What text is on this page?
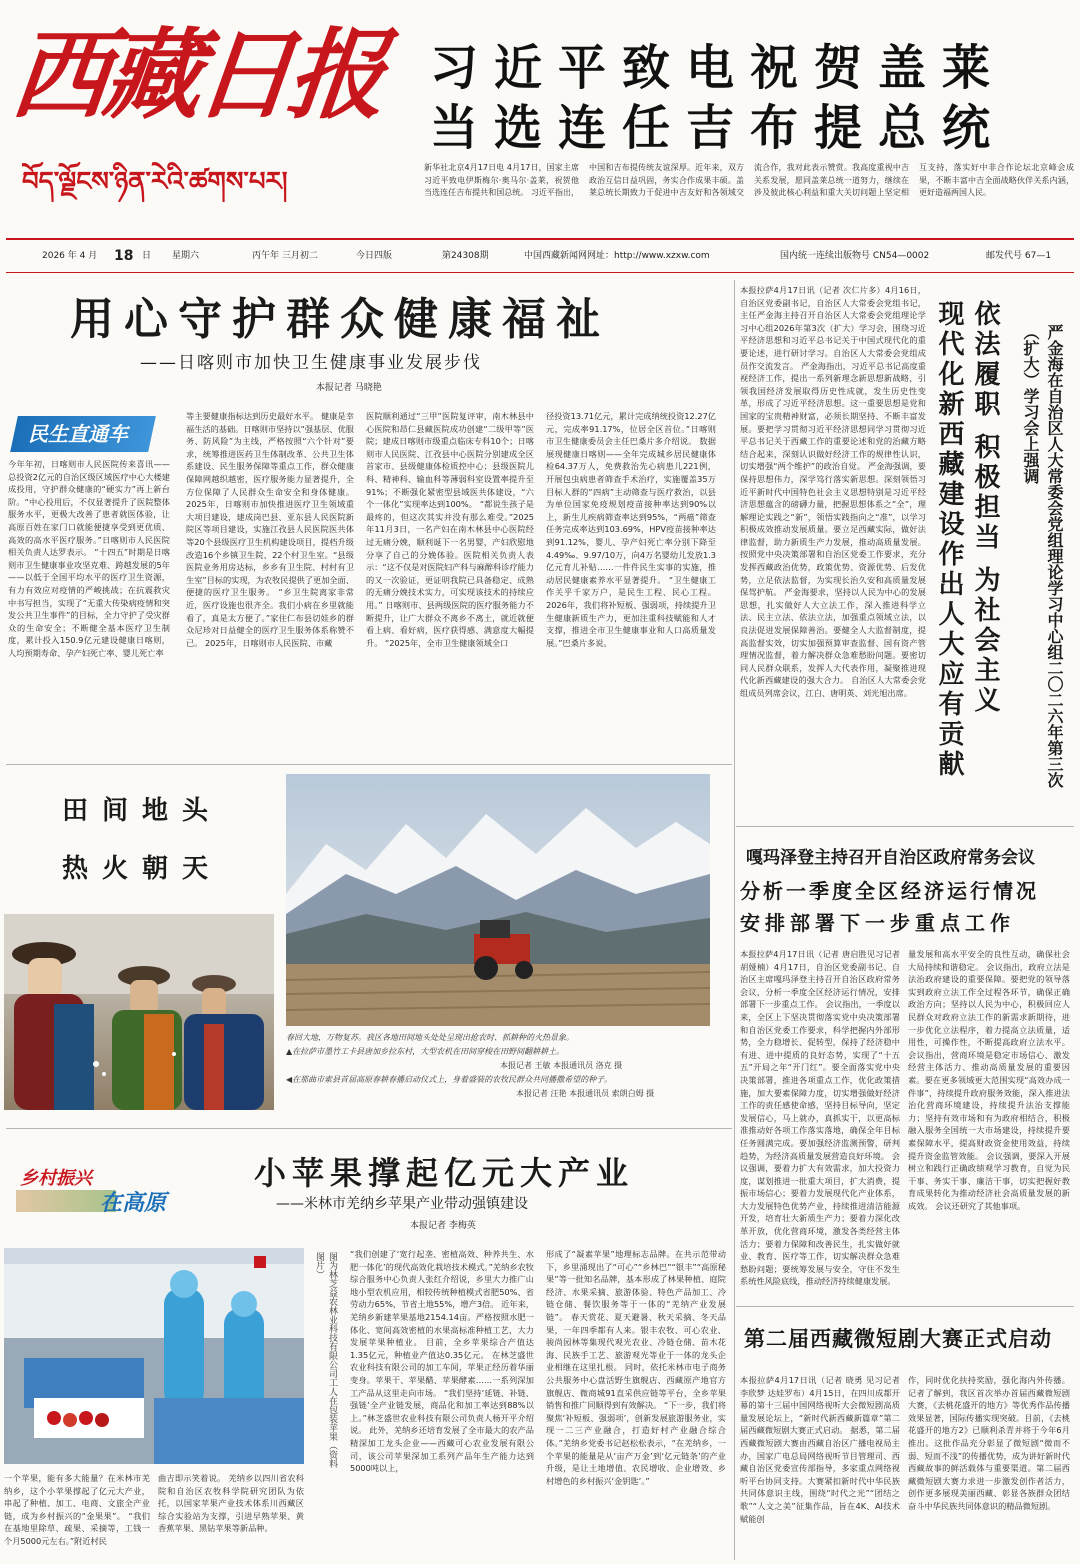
西藏日报
བོད་ལྗོངས་ཉིན་རེའི་ཚགས་པར།
习近平致电祝贺盖莱
当选连任吉布提总统
新华社北京4月17日电 4月17日，国家主席习近平致电伊斯梅尔·奥马尔·盖莱，祝贺他当选连任吉布提共和国总统。 习近平指出，中国和吉布提传统友谊深厚。近年来，双方政治互信日益巩固，务实合作成果丰硕。盖莱总统长期致力于促进中吉友好和各领域交流合作，我对此表示赞赏。我高度重视中吉关系发展，愿同盖莱总统一道努力，继续在涉及彼此核心利益和重大关切问题上坚定相互支持，落实好中非合作论坛北京峰会成果，不断丰富中吉全面战略伙伴关系内涵，更好造福两国人民。
2026 年 4 月 18 日 星期六	丙午年 三月初二	今日四版	第24308期	中国西藏新闻网网址：http://www.xzxw.com	国内统一连续出版物号 CN54—0002	邮发代号 67—1
用心守护群众健康福祉
——日喀则市加快卫生健康事业发展步伐
本报记者 马晓艳
民生直通车
今年年初，日喀则市人民医院传来喜讯——总投资2亿元的自治区级区域医疗中心大楼建成投用，守护群众健康的“硬实力”再上新台阶。“中心投用后，不仅显著提升了医院整体服务水平，更极大改善了患者就医体验，让高原百姓在家门口就能便捷享受到更优质、高效的高水平医疗服务。”日喀则市人民医院相关负责人达罗表示。 “十四五”时期是日喀则市卫生健康事业攻坚克难、跨越发展的5年——以低于全国平均水平的医疗卫生资源，有力有效应对疫情的严峻挑战；在抗震救灾中书写担当，实现了“无重大传染病疫情和突发公共卫生事件”的目标，全力守护了受灾群众的生命安全；不断健全基本医疗卫生制度，累计投入150.9亿元建设健康日喀则，人均预期寿命、孕产妇死亡率、婴儿死亡率
等主要健康指标达到历史最好水平。 健康是幸福生活的基础。日喀则市坚持以“强基层、优服务、防风险”为主线，严格按照“六个针对”要求，统筹推进医药卫生体制改革、公共卫生体系建设、民生服务保障等重点工作，群众健康保障网越织越密，医疗服务能力显著提升，全方位保障了人民群众生命安全和身体健康。 2025年，日喀则市加快推进医疗卫生领域重大项目建设，建成岗巴县、亚东县人民医院新院区等项目建设，实施江孜县人民医院医共体等20个县级医疗卫生机构建设项目，提档升级改造16个乡镇卫生院、22个村卫生室。“县级医院业务用房达标，乡乡有卫生院、村村有卫生室”目标的实现，为农牧民提供了更加全面、便捷的医疗卫生服务。 “乡卫生院离家非常近，医疗设施也很齐全。我们小病在乡里就能看了，真是太方便了。”家住仁布县切娃乡的群众尼珍对日益健全的医疗卫生服务体系称赞不已。 2025年，日喀则市人民医院、市藏
医院顺利通过“三甲”医院复评审，南木林县中心医院和昂仁县藏医院成功创建“二级甲等”医院；建成日喀则市级重点临床专科10个；日喀则市人民医院、江孜县中心医院分别建成全区首家市、县级健康体检质控中心；县级医院儿科、精神科、输血科等薄弱科室设置率提升至91%；不断强化紧密型县域医共体建设，“六个一体化”实现率达到100%。 “都说生孩子是最疼的，但这次其实并没有那么难受。”2025年11月3日，一名产妇在南木林县中心医院经过无痛分娩，顺利诞下一名男婴，产妇欣慰地分享了自己的分娩体验。医院相关负责人表示：“这不仅是对医院妇产科与麻醉科诊疗能力的又一次验证，更证明我院已具备稳定、成熟的无痛分娩技术实力，可实现该技术的持续应用。” 日喀则市、县两级医院的医疗服务能力不断提升，让广大群众不离乡不离土，就近就便看上病、看好病，医疗获得感、满意度大幅提升。 “2025年，全市卫生健康领域全口
径投资13.71亿元，累计完成纳统投资12.27亿元，完成率91.17%，位居全区首位。”日喀则市卫生健康委员会主任巴桑片多介绍说。 数据展现健康日喀则——全年完成城乡居民健康体检64.37万人，免费救治先心病患儿221例，开展包虫病患者筛查手术治疗，实施覆盖35万目标人群的“四病”主动筛查与医疗救治，以县为单位国家免疫规划疫苗接种率达到90%以上，新生儿疾病筛查率达到95%，“两癌”筛查任务完成率达到103.69%，HPV疫苗接种率达到91.12%，婴儿、孕产妇死亡率分别下降至4.49‰、9.97/10万，向4万名婴幼儿发放1.3亿元育儿补贴……一件件民生实事的实施，推动居民健康素养水平显著提升。 “卫生健康工作关乎千家万户，是民生工程、民心工程。2026年，我们将补短板、强弱项，持续提升卫生健康新质生产力，更加注重科技赋能和人才支撑，推进全市卫生健康事业和人口高质量发展。”巴桑片多说。
本报拉萨4月17日讯（记者 次仁片多）4月16日，自治区党委副书记，自治区人大常委会党组书记，主任严金海主持召开自治区人大常委会党组理论学习中心组2026年第3次（扩大）学习会，围绕习近平经济思想和习近平总书记关于中国式现代化的重要论述，进行研讨学习。自治区人大常委会党组成员作交流发言。 严金海指出，习近平总书记高度重视经济工作，提出一系列新理念新思想新战略，引领我国经济发展取得历史性成就，发生历史性变革，形成了习近平经济思想。这一重要思想是党和国家的宝贵精神财富，必须长期坚持、不断丰富发展。要把学习贯彻习近平经济思想同学习贯彻习近平总书记关于西藏工作的重要论述和党的治藏方略结合起来，深刻认识做好经济工作的规律性认识，切实增强“两个维护”的政治自觉。 严金海强调，要保持思想伟力，深学笃行落实新思想。深刻领悟习近平新时代中国特色社会主义思想特别是习近平经济思想蕴含的磅礴力量，把握思想体系之“全”，理解理论实践之“新”，领悟实践指向之“准”，以学习积极成效推动发展质量。要立足西藏实际，做好法律监督，助力新质生产力发展，推动高质量发展。按照党中央决策部署和自治区党委工作要求，充分发挥西藏政治优势，政策优势、资源优势、后发优势，立足依法监督，为实现长治久安和高质量发展保驾护航。 严金海要求，坚持以人民为中心的发展思想，扎实做好人大立法工作，深入推进科学立法、民主立法、依法立法，加强重点领域立法，以良法促进发展保障善治。要健全人大监督制度，提高监督实效，切实加强预算审查监督、国有资产管理情况监督，着力解决群众急难愁盼问题。要密切同人民群众联系，发挥人大代表作用，凝聚推进现代化新西藏建设的强大合力。 自治区人大常委会党组成员列席会议，江白、唐明英、刘光旭出席。 现代化新西藏建设作出人大应有贡献 依法履职 积极担当 为社会主义	严金海在自治区人大常委会党组理论学习中心组二〇二六年第三次（扩大）学习会上强调
田间地头
热火朝天
春回大地，万物复苏。我区各地田间地头处处呈现出抢农时、抓耕种的火热景象。
▲在拉萨市墨竹工卡县唐加乡拉东村，大型农机在田间穿梭在田野间翻耕耕土。
本报记者 王敏 本报通讯员 洛克 摄
◀在那曲市索县首届高原春耕春播启动仪式上，身着盛装的农牧民群众共同播撒希望的种子。
本报记者 汪艳 本报通讯员 索朗白姆 摄
嘎玛泽登主持召开自治区政府常务会议
分析一季度全区经济运行情况
安排部署下一步重点工作
本报拉萨4月17日讯（记者 唐启胜见习记者 胡娅楠）4月17日，自治区党委副书记、自治区主席嘎玛泽登主持召开自治区政府常务会议，分析一季度全区经济运行情况，安排部署下一步重点工作。 会议指出，一季度以来，全区上下坚决贯彻落实党中央决策部署和自治区党委工作要求，科学把握内外部形势，全力稳增长、促转型，保持了经济稳中有进、进中提质的良好态势，实现了“十五五”开局之年“开门红”。要全面落实党中央决策部署，推进各项重点工作，优化政策措施，加大要素保障力度，切实增强做好经济工作的责任感使命感，坚持目标导向，坚定发展信心，马上就办，真抓实干，以更高标准推动好各项工作落实落地，确保全年目标任务圆满完成。要加强经济监测预警，研判趋势，为经济高质量发展营造良好环境。 会议强调，要着力扩大有效需求，加大投资力度，谋划推进一批重大项目，扩大消费，提振市场信心；要着力发展现代化产业体系，大力发展特色优势产业，持续推进清洁能源开发，培育壮大新质生产力；要着力深化改革开放，优化营商环境，激发各类经营主体活力；要着力保障和改善民生，扎实做好就业、教育、医疗等工作，切实解决群众急难愁盼问题；要统筹发展与安全，守住不发生系统性风险底线，推动经济持续健康发展。
量发展和高水平安全的良性互动，确保社会大局持续和谐稳定。 会议指出，政府立法是法治政府建设的重要保障。要把党的领导落实到政府立法工作全过程各环节，确保正确政治方向；坚持以人民为中心，积极回应人民群众对政府立法工作的新需求新期待，进一步优化立法程序，着力提高立法质量，适用性，可操作性，不断提高政府立法水平。 会议指出，营商环境是稳定市场信心、激发经营主体活力、推动高质量发展的重要因素。要在更多领域更大范围实现“高效办成一件事”，持续提升政府服务效能，深入推进法治化营商环境建设，持续提升法治支撑能力；坚持有效市场和有为政府相结合，积极融入服务全国统一大市场建设，持续提升要素保障水平，提高财政资金使用效益，持续提升资金监管效能。 会议强调，要深入开展树立和践行正确政绩观学习教育，自觉为民干事、务实干事、廉洁干事，切实把握好教育成果转化为推动经济社会高质量发展的新成效。 会议还研究了其他事项。
乡村振兴
在高原
小苹果撑起亿元大产业
——米林市羌纳乡苹果产业带动强镇建设
本报记者 李梅英
图为林芝益农林业科技有限公司工人在包装苹果（资料图片）
一个苹果，能有多大能量？在米林市羌纳乡，这个小苹果撑起了亿元大产业，串起了种植、加工、电商、文旅全产业链，成为乡村振兴的“金果果”。 “我们在基地里除草、疏果、采摘等，工钱一个月5000元左右。”附近村民
曲吉即示笑着说。 羌纳乡以四川省农科院和自治区农牧科学院研究团队为依托，以国家苹果产业技术体系川西藏区综合实验站为支撑，引进早熟苹果、黄香蕉苹果、黑钻苹果等新品种。
“我们创建了‘宽行起垄、密植高效、种养共生、水肥一体化’的现代高效化栽培技术模式。”羌纳乡农牧综合服务中心负责人张红介绍说，乡里大力推广山地小型农机应用，相较传统种植模式省肥50%、省劳动力65%，节省土地55%，增产3倍。 近年来，羌纳乡新建苹果基地2154.14亩。严格按照水肥一体化、宽间高效密植的水果高标准种植工艺，大力发展苹果种植业。 目前，全乡苹果综合产值达1.35亿元，种植业产值达0.35亿元。 在林芝盛世农业科技有限公司的加工车间，苹果正经历着华丽变身。苹果干、苹果醋、苹果酵素……一系列深加工产品从这里走向市场。 “我们坚持‘延链、补链、强链’全产业链发展，商品化和加工率达到88%以上。”林芝盛世农业科技有限公司负责人杨开平介绍说。 此外，羌纳乡还培育发展了全市最大的农产品精深加工龙头企业——西藏可心农业发展有限公司，该公司苹果深加工系列产品年生产能力达到5000吨以上，
形成了“凝素苹果”地理标志品牌。在共示范带动下，乡里涌现出了“可心”“乡林巴”“银丰”“高原秘果”等一批知名品牌，基本形成了林果种植、庭院经济、水果采摘、旅游体验、特色产品加工、冷链仓储、餐饮服务等于一体的“羌纳产业发展链”。 春天赏花、夏天避暑、秋天采摘、冬天品果，一年四季都有人来。银丰农牧、可心农业、骏尚园林等集现代观光农业、冷链仓储、苗木花海、民族手工艺、旅游观光等业于一体的龙头企业相继在这里扎根。 同时，依托米林市电子商务公共服务中心盘活野生旗舰店、西藏原产地官方旗舰店、微商城91直采供应链等平台，全乡苹果销售和推广同顺得到有效解决。 “下一步，我们将聚焦‘补短板、强弱项’，创新发展旅游服务业，实现一二三产业融合，打造好村产业融合综合体。”羌纳乡党委书记赵松松表示，“在羌纳乡，一个苹果的能量是从‘亩产万金’到‘亿元链条’的产业升级，是让土地增值、农民增收、企业增效、乡村增色的乡村振兴‘金钥匙’。”
第二届西藏微短剧大赛正式启动
本报拉萨4月17日讯（记者 晓勇 见习记者 李欣梦 达娃罗布）4月15日，在四川成都开幕的第十三届中国网络视听大会微短剧高质量发展论坛上，“新时代新西藏新篇章”第二届西藏微短剧大赛正式启动。 据悉，第二届西藏微短剧大赛由西藏自治区广播电视局主办，国家广电总局网络视听节目管理司、西藏自治区党委宣传部指导，多家重点网络视听平台协同支持。大赛紧扣新时代中华民族共同体意识主线，围绕“时代之光”“团结之歌”“人文之美”征集作品，旨在4K、AI技术赋能创
作，同时优化扶持奖励，强化海内外传播。 记者了解到，我区首次举办首届西藏微短剧大赛，《去桃花盛开的地方》等优秀作品传播效果显著，国际传播实现突破。目前，《去桃花盛开的地方2》已顺利杀青并将于今年6月推出。这批作品充分彰显了微短剧“微而不弱、短而不浅”的传播优势，成为讲好新时代西藏故事的鲜活载体与重要渠道。第二届西藏微短剧大赛力求进一步激发创作者活力，创作更多展现美丽西藏、彰显各族群众团结奋斗中华民族共同体意识的精品微短剧。
